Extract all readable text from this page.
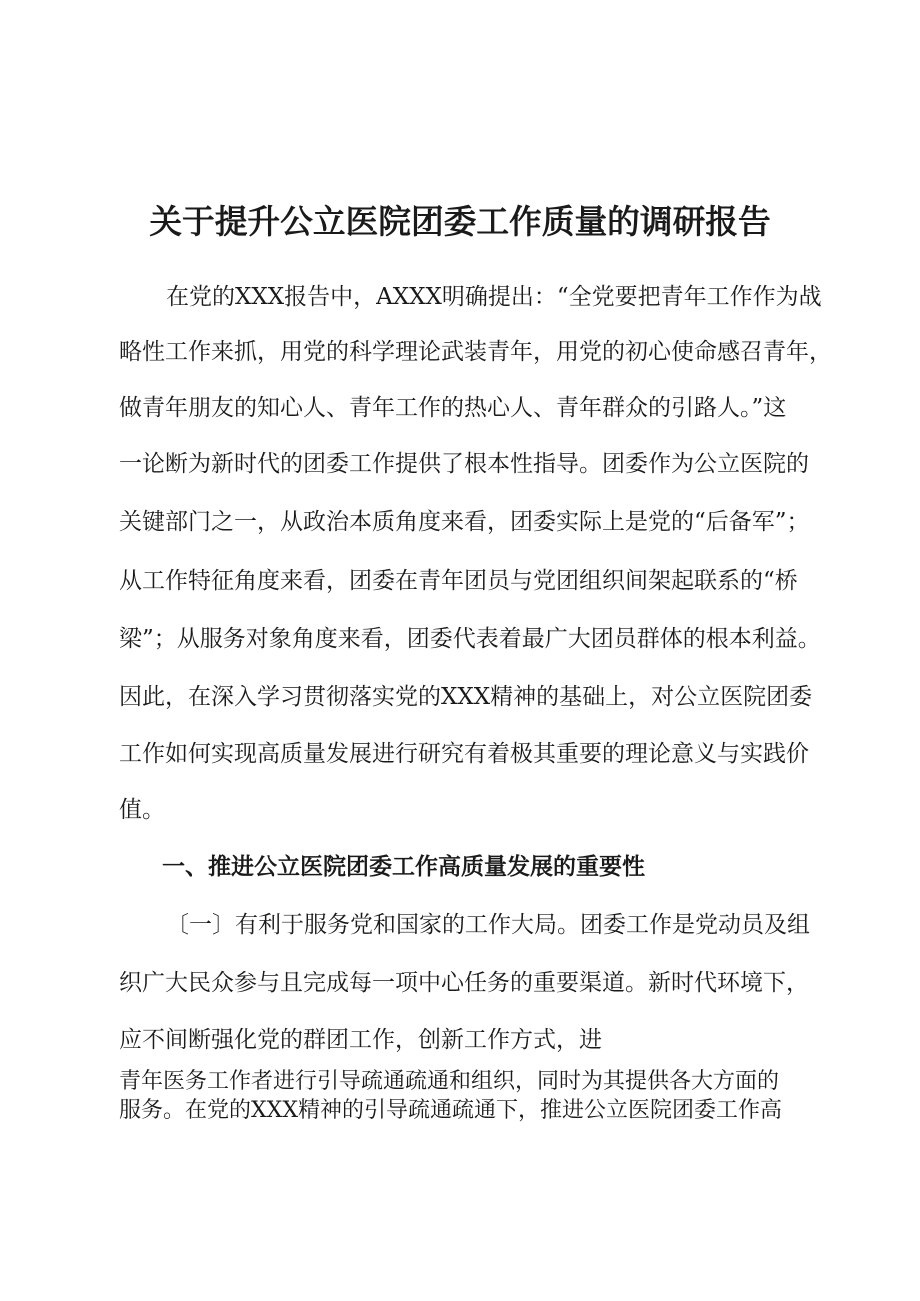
关于提升公立医院团委工作质量的调研报告

在党的XXX报告中，AXXX明确提出：“全党要把青年工作作为战

略性工作来抓，用党的科学理论武装青年，用党的初心使命感召青年，

做青年朋友的知心人、青年工作的热心人、青年群众的引路人。”这

一论断为新时代的团委工作提供了根本性指导。团委作为公立医院的

关键部门之一，从政治本质角度来看，团委实际上是党的“后备军”；

从工作特征角度来看，团委在青年团员与党团组织间架起联系的“桥

梁”；从服务对象角度来看，团委代表着最广大团员群体的根本利益。

因此，在深入学习贯彻落实党的XXX精神的基础上，对公立医院团委

工作如何实现高质量发展进行研究有着极其重要的理论意义与实践价

值。

一、推进公立医院团委工作高质量发展的重要性

〔一〕有利于服务党和国家的工作大局。团委工作是党动员及组

织广大民众参与且完成每一项中心任务的重要渠道。新时代环境下，

应不间断强化党的群团工作，创新工作方式，进

青年医务工作者进行引导疏通疏通和组织，同时为其提供各大方面的

服务。在党的XXX精神的引导疏通疏通下，推进公立医院团委工作高
